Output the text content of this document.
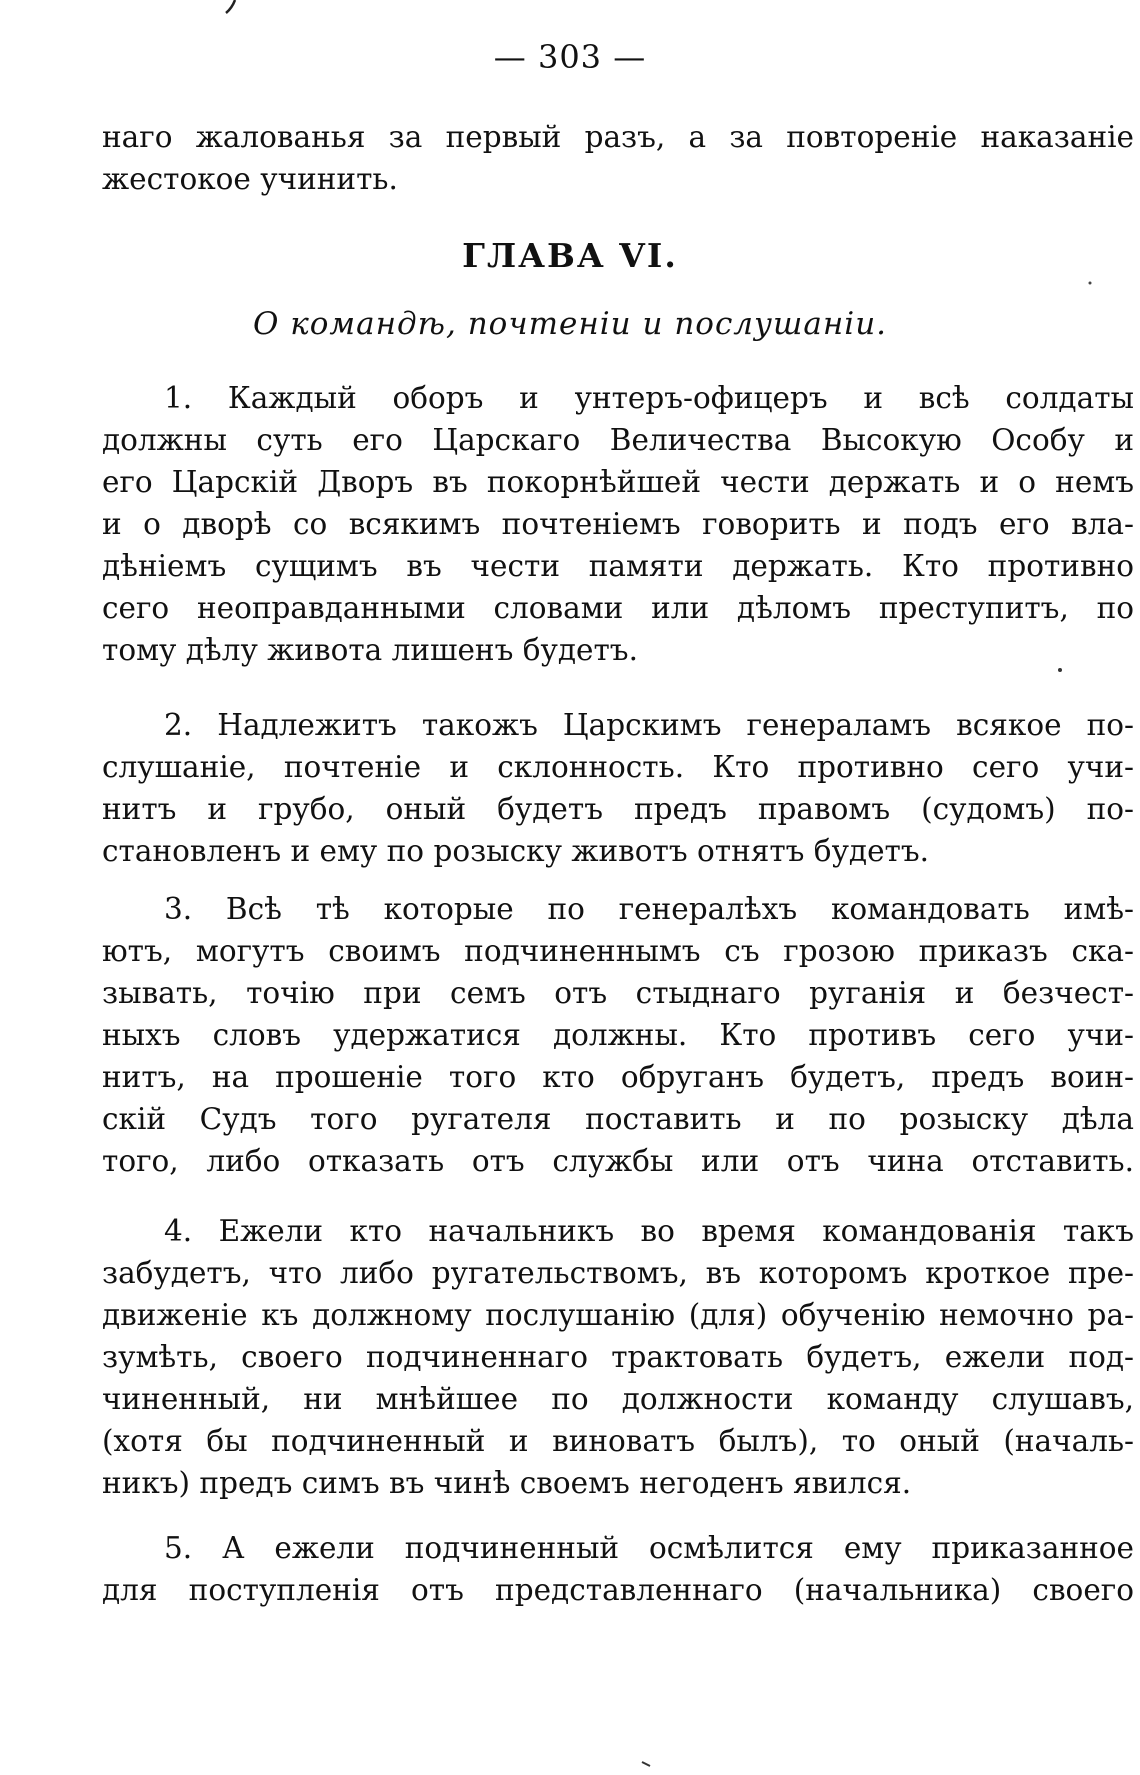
— 303 —
наго жалованья за первый разъ, а за повтореніе наказаніе
жестокое учинить.
ГЛАВА VI.
О командѣ, почтеніи и послушаніи.
1. Каждый оборъ и унтеръ-офицеръ и всѣ солдаты
должны суть его Царскаго Величества Высокую Особу и
его Царскій Дворъ въ покорнѣйшей чести держать и о немъ
и о дворѣ со всякимъ почтеніемъ говорить и подъ его вла-
дѣніемъ сущимъ въ чести памяти держать. Кто противно
сего неоправданными словами или дѣломъ преступитъ, по
тому дѣлу живота лишенъ будетъ.
2. Надлежитъ такожъ Царскимъ генераламъ всякое по-
слушаніе, почтеніе и склонность. Кто противно сего учи-
нитъ и грубо, оный будетъ предъ правомъ (судомъ) по-
становленъ и ему по розыску животъ отнятъ будетъ.
3. Всѣ тѣ которые по генералѣхъ командовать имѣ-
ютъ, могутъ своимъ подчиненнымъ съ грозою приказъ ска-
зывать, точію при семъ отъ стыднаго руганія и безчест-
ныхъ словъ удержатися должны. Кто противъ сего учи-
нитъ, на прошеніе того кто обруганъ будетъ, предъ воин-
скій Судъ того ругателя поставить и по розыску дѣла
того, либо отказать отъ службы или отъ чина отставить.
4. Ежели кто начальникъ во время командованія такъ
забудетъ, что либо ругательствомъ, въ которомъ кроткое пре-
движеніе къ должному послушанію (для) обученію немочно ра-
зумѣть, своего подчиненнаго трактовать будетъ, ежели под-
чиненный, ни мнѣйшее по должности команду слушавъ,
(хотя бы подчиненный и виноватъ былъ), то оный (началь-
никъ) предъ симъ въ чинѣ своемъ негоденъ явился.
5. А ежели подчиненный осмѣлится ему приказанное
для поступленія отъ представленнаго (начальника) своего
